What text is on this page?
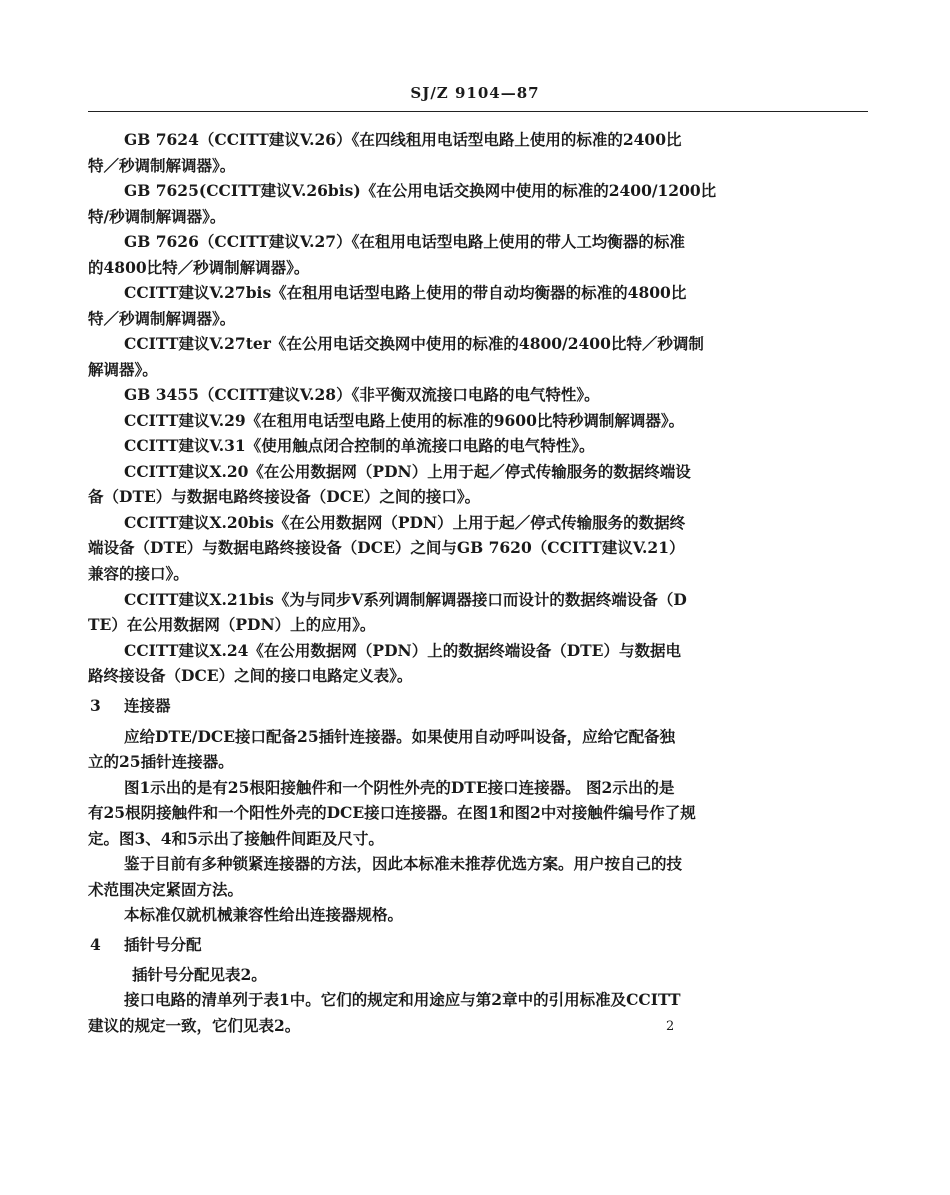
SJ/Z 9104—87
GB 7624（CCITT建议V.26）《在四线租用电话型电路上使用的标准的2400比
特／秒调制解调器》。
GB 7625(CCITT建议V.26bis)《在公用电话交换网中使用的标准的2400/1200比
特/秒调制解调器》。
GB 7626（CCITT建议V.27）《在租用电话型电路上使用的带人工均衡器的标准
的4800比特／秒调制解调器》。
CCITT建议V.27bis《在租用电话型电路上使用的带自动均衡器的标准的4800比
特／秒调制解调器》。
CCITT建议V.27ter《在公用电话交换网中使用的标准的4800/2400比特／秒调制
解调器》。
GB 3455（CCITT建议V.28）《非平衡双流接口电路的电气特性》。
CCITT建议V.29《在租用电话型电路上使用的标准的9600比特秒调制解调器》。
CCITT建议V.31《使用触点闭合控制的单流接口电路的电气特性》。
CCITT建议X.20《在公用数据网（PDN）上用于起／停式传输服务的数据终端设
备（DTE）与数据电路终接设备（DCE）之间的接口》。
CCITT建议X.20bis《在公用数据网（PDN）上用于起／停式传输服务的数据终
端设备（DTE）与数据电路终接设备（DCE）之间与GB 7620（CCITT建议V.21）
兼容的接口》。
CCITT建议X.21bis《为与同步V系列调制解调器接口而设计的数据终端设备（D
TE）在公用数据网（PDN）上的应用》。
CCITT建议X.24《在公用数据网（PDN）上的数据终端设备（DTE）与数据电
路终接设备（DCE）之间的接口电路定义表》。
3 连接器
应给DTE/DCE接口配备25插针连接器。如果使用自动呼叫设备，应给它配备独
立的25插针连接器。
图1示出的是有25根阳接触件和一个阴性外壳的DTE接口连接器。 图2示出的是
有25根阴接触件和一个阳性外壳的DCE接口连接器。在图1和图2中对接触件编号作了规
定。图3、4和5示出了接触件间距及尺寸。
鉴于目前有多种锁紧连接器的方法，因此本标准未推荐优选方案。用户按自己的技
术范围决定紧固方法。
本标准仅就机械兼容性给出连接器规格。
4 插针号分配
插针号分配见表2。
接口电路的清单列于表1中。它们的规定和用途应与第2章中的引用标准及CCITT
建议的规定一致，它们见表2。	2
